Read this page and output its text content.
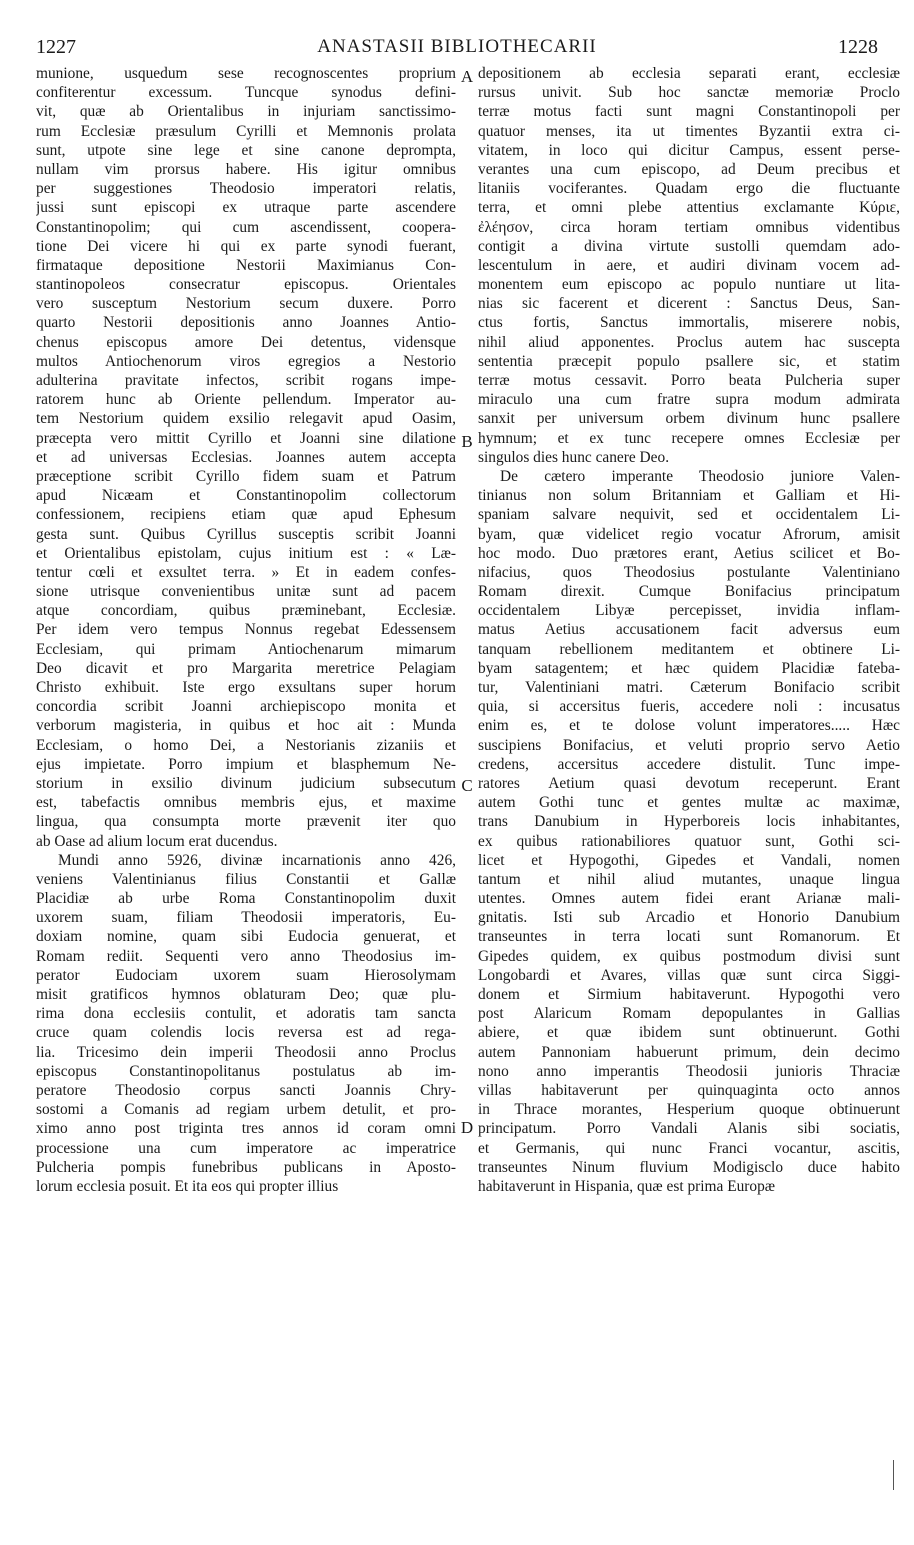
1227	ANASTASII BIBLIOTHECARII	1228
munione, usquedum sese recognoscentes proprium
confiterentur excessum. Tuncque synodus defini-
vit, quæ ab Orientalibus in injuriam sanctissimo-
rum Ecclesiæ præsulum Cyrilli et Memnonis prolata
sunt, utpote sine lege et sine canone deprompta,
nullam vim prorsus habere. His igitur omnibus
per suggestiones Theodosio imperatori relatis,
jussi sunt episcopi ex utraque parte ascendere
Constantinopolim; qui cum ascendissent, coopera-
tione Dei vicere hi qui ex parte synodi fuerant,
firmataque depositione Nestorii Maximianus Con-
stantinopoleos consecratur episcopus. Orientales
vero susceptum Nestorium secum duxere. Porro
quarto Nestorii depositionis anno Joannes Antio-
chenus episcopus amore Dei detentus, vidensque
multos Antiochenorum viros egregios a Nestorio
adulterina pravitate infectos, scribit rogans impe-
ratorem hunc ab Oriente pellendum. Imperator au-
tem Nestorium quidem exsilio relegavit apud Oasim,
præcepta vero mittit Cyrillo et Joanni sine dilatione
et ad universas Ecclesias. Joannes autem accepta
præceptione scribit Cyrillo fidem suam et Patrum
apud Nicæam et Constantinopolim collectorum
confessionem, recipiens etiam quæ apud Ephesum
gesta sunt. Quibus Cyrillus susceptis scribit Joanni
et Orientalibus epistolam, cujus initium est : « Læ-
tentur cœli et exsultet terra. » Et in eadem confes-
sione utrisque convenientibus unitæ sunt ad pacem
atque concordiam, quibus præminebant, Ecclesiæ.
Per idem vero tempus Nonnus regebat Edessensem
Ecclesiam, qui primam Antiochenarum mimarum
Deo dicavit et pro Margarita meretrice Pelagiam
Christo exhibuit. Iste ergo exsultans super horum
concordia scribit Joanni archiepiscopo monita et
verborum magisteria, in quibus et hoc ait : Munda
Ecclesiam, o homo Dei, a Nestorianis zizaniis et
ejus impietate. Porro impium et blasphemum Ne-
storium in exsilio divinum judicium subsecutum
est, tabefactis omnibus membris ejus, et maxime
lingua, qua consumpta morte prævenit iter quo
ab Oase ad alium locum erat ducendus.
Mundi anno 5926, divinæ incarnationis anno 426,
veniens Valentinianus filius Constantii et Gallæ
Placidiæ ab urbe Roma Constantinopolim duxit
uxorem suam, filiam Theodosii imperatoris, Eu-
doxiam nomine, quam sibi Eudocia genuerat, et
Romam rediit. Sequenti vero anno Theodosius im-
perator Eudociam uxorem suam Hierosolymam
misit gratificos hymnos oblaturam Deo; quæ plu-
rima dona ecclesiis contulit, et adoratis tam sancta
cruce quam colendis locis reversa est ad rega-
lia. Tricesimo dein imperii Theodosii anno Proclus
episcopus Constantinopolitanus postulatus ab im-
peratore Theodosio corpus sancti Joannis Chry-
sostomi a Comanis ad regiam urbem detulit, et pro-
ximo anno post triginta tres annos id coram omni
processione una cum imperatore ac imperatrice
Pulcheria pompis funebribus publicans in Aposto-
lorum ecclesia posuit. Et ita eos qui propter illius
depositionem ab ecclesia separati erant, ecclesiæ
rursus univit. Sub hoc sanctæ memoriæ Proclo
terræ motus facti sunt magni Constantinopoli per
quatuor menses, ita ut timentes Byzantii extra ci-
vitatem, in loco qui dicitur Campus, essent perse-
verantes una cum episcopo, ad Deum precibus et
litaniis vociferantes. Quadam ergo die fluctuante
terra, et omni plebe attentius exclamante Κύριε,
ἐλέησον, circa horam tertiam omnibus videntibus
contigit a divina virtute sustolli quemdam ado-
lescentulum in aere, et audiri divinam vocem ad-
monentem eum episcopo ac populo nuntiare ut lita-
nias sic facerent et dicerent : Sanctus Deus, San-
ctus fortis, Sanctus immortalis, miserere nobis,
nihil aliud apponentes. Proclus autem hac suscepta
sententia præcepit populo psallere sic, et statim
terræ motus cessavit. Porro beata Pulcheria super
miraculo una cum fratre supra modum admirata
sanxit per universum orbem divinum hunc psallere
hymnum; et ex tunc recepere omnes Ecclesiæ per
singulos dies hunc canere Deo.
De cætero imperante Theodosio juniore Valen-
tinianus non solum Britanniam et Galliam et Hi-
spaniam salvare nequivit, sed et occidentalem Li-
byam, quæ videlicet regio vocatur Afrorum, amisit
hoc modo. Duo prætores erant, Aetius scilicet et Bo-
nifacius, quos Theodosius postulante Valentiniano
Romam direxit. Cumque Bonifacius principatum
occidentalem Libyæ percepisset, invidia inflam-
matus Aetius accusationem facit adversus eum
tanquam rebellionem meditantem et obtinere Li-
byam satagentem; et hæc quidem Placidiæ fateba-
tur, Valentiniani matri. Cæterum Bonifacio scribit
quia, si accersitus fueris, accedere noli : incusatus
enim es, et te dolose volunt imperatores..... Hæc
suscipiens Bonifacius, et veluti proprio servo Aetio
credens, accersitus accedere distulit. Tunc impe-
ratores Aetium quasi devotum receperunt. Erant
autem Gothi tunc et gentes multæ ac maximæ,
trans Danubium in Hyperboreis locis inhabitantes,
ex quibus rationabiliores quatuor sunt, Gothi sci-
licet et Hypogothi, Gipedes et Vandali, nomen
tantum et nihil aliud mutantes, unaque lingua
utentes. Omnes autem fidei erant Arianæ mali-
gnitatis. Isti sub Arcadio et Honorio Danubium
transeuntes in terra locati sunt Romanorum. Et
Gipedes quidem, ex quibus postmodum divisi sunt
Longobardi et Avares, villas quæ sunt circa Siggi-
donem et Sirmium habitaverunt. Hypogothi vero
post Alaricum Romam depopulantes in Gallias
abiere, et quæ ibidem sunt obtinuerunt. Gothi
autem Pannoniam habuerunt primum, dein decimo
nono anno imperantis Theodosii junioris Thraciæ
villas habitaverunt per quinquaginta octo annos
in Thrace morantes, Hesperium quoque obtinuerunt
principatum. Porro Vandali Alanis sibi sociatis,
et Germanis, qui nunc Franci vocantur, ascitis,
transeuntes Ninum fluvium Modigisclo duce habito
habitaverunt in Hispania, quæ est prima Europæ
A
B
C
D
